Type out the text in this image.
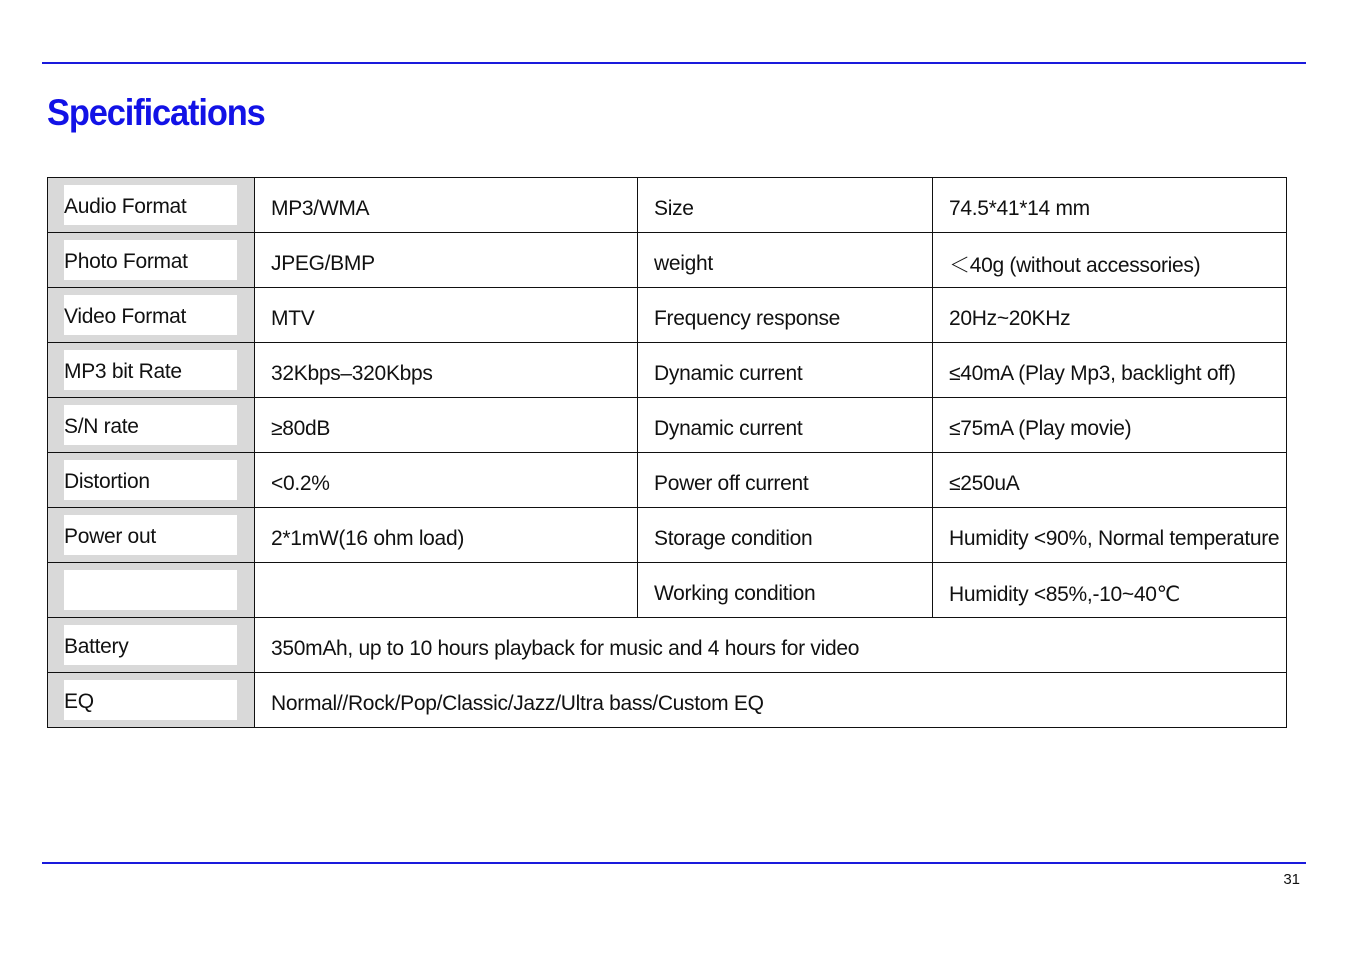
Specifications
Audio Format	MP3/WMA	Size	74.5*41*14 mm

Photo Format	JPEG/BMP	weight	＜40g (without accessories)

Video Format	MTV	Frequency response	20Hz~20KHz

MP3 bit Rate	32Kbps–320Kbps	Dynamic current	≤40mA (Play Mp3, backlight off)

S/N rate	≥80dB	Dynamic current	≤75mA (Play movie)

Distortion	<0.2%	Power off current	≤250uA

Power out	2*1mW(16 ohm load)	Storage condition	Humidity <90%, Normal temperature

		Working condition	Humidity <85%,-10~40℃

Battery	350mAh, up to 10 hours playback for music and 4 hours for video		

EQ	Normal//Rock/Pop/Classic/Jazz/Ultra bass/Custom EQ		
31
